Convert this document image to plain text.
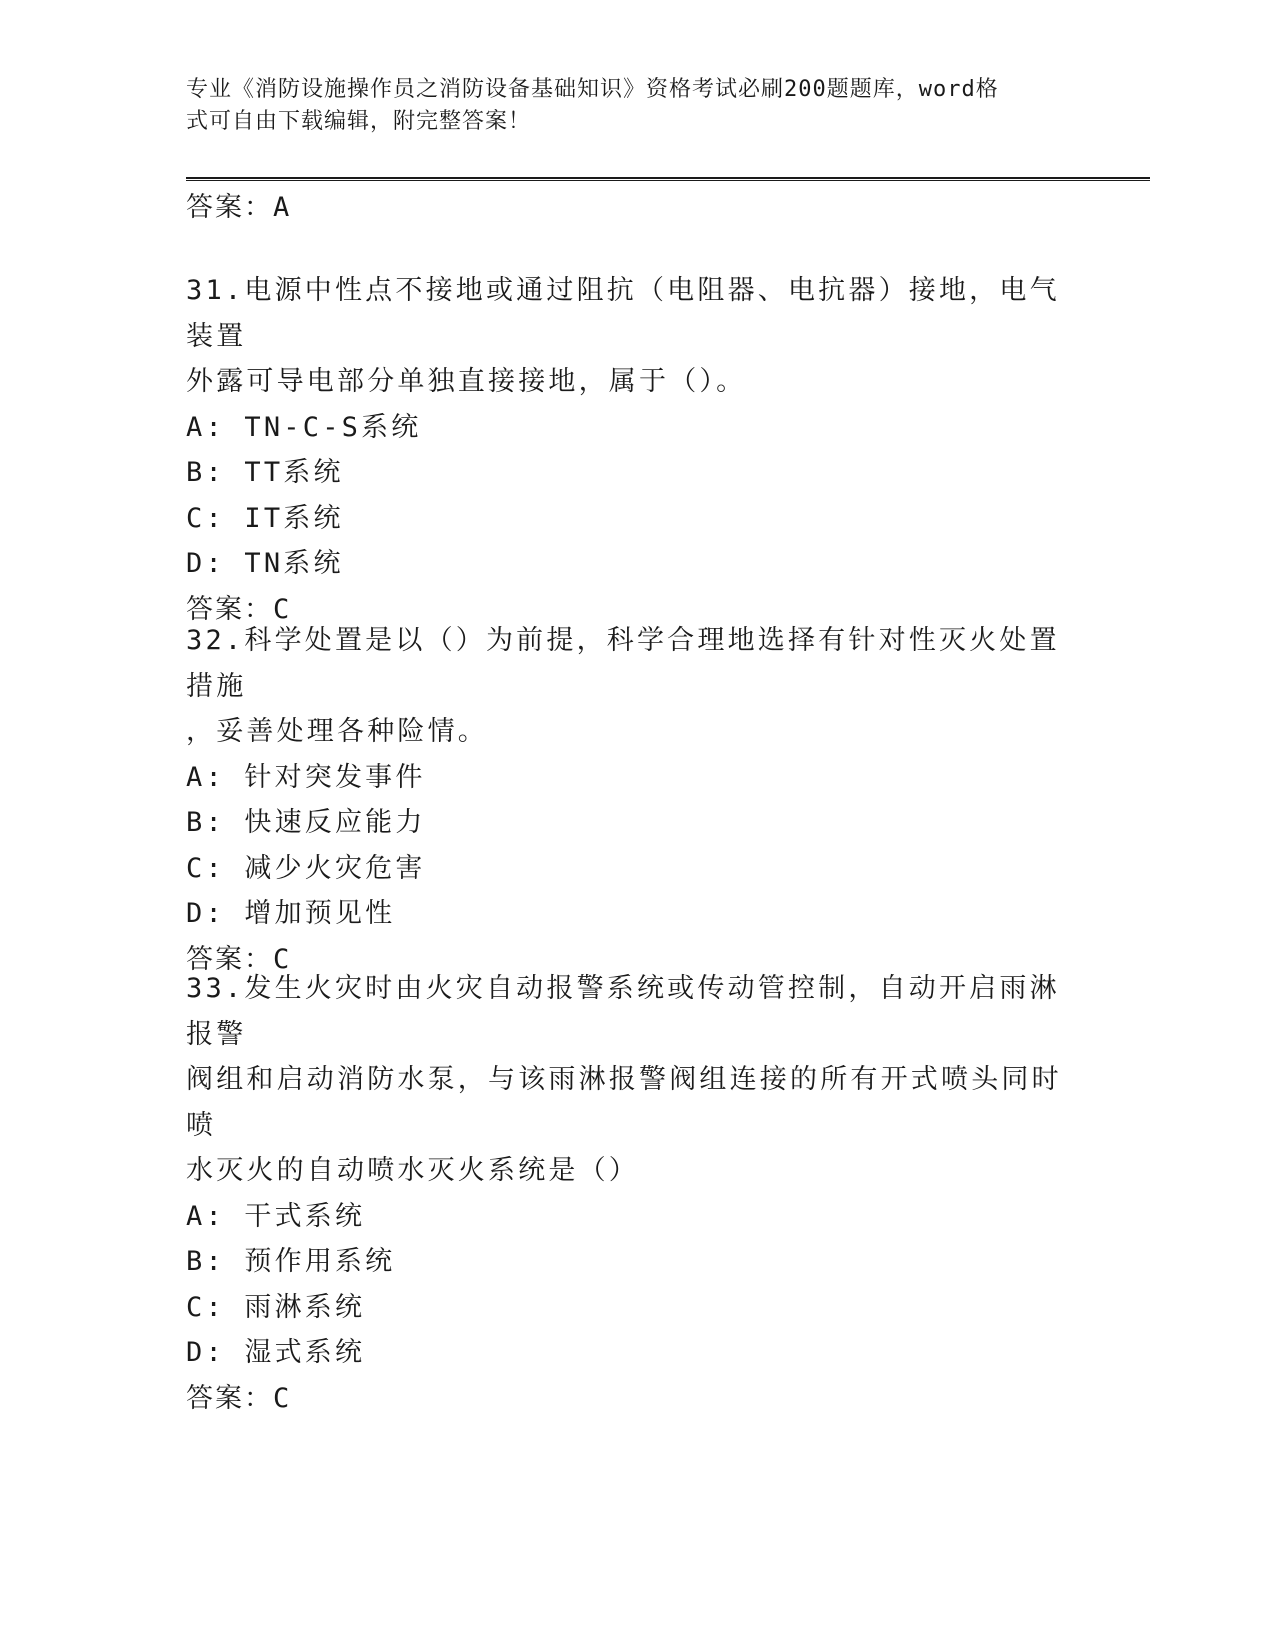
专业《消防设施操作员之消防设备基础知识》资格考试必刷200题题库，word格
式可自由下载编辑，附完整答案！
答案：A
31.电源中性点不接地或通过阻抗（电阻器、电抗器）接地，电气装置
外露可导电部分单独直接接地，属于（）。
A: TN-C-S系统
B: TT系统
C: IT系统
D: TN系统
答案：C
32.科学处置是以（）为前提，科学合理地选择有针对性灭火处置措施
，妥善处理各种险情。
A: 针对突发事件
B: 快速反应能力
C: 减少火灾危害
D: 增加预见性
答案：C
33.发生火灾时由火灾自动报警系统或传动管控制，自动开启雨淋报警
阀组和启动消防水泵，与该雨淋报警阀组连接的所有开式喷头同时喷
水灭火的自动喷水灭火系统是（）
A: 干式系统
B: 预作用系统
C: 雨淋系统
D: 湿式系统
答案：C
